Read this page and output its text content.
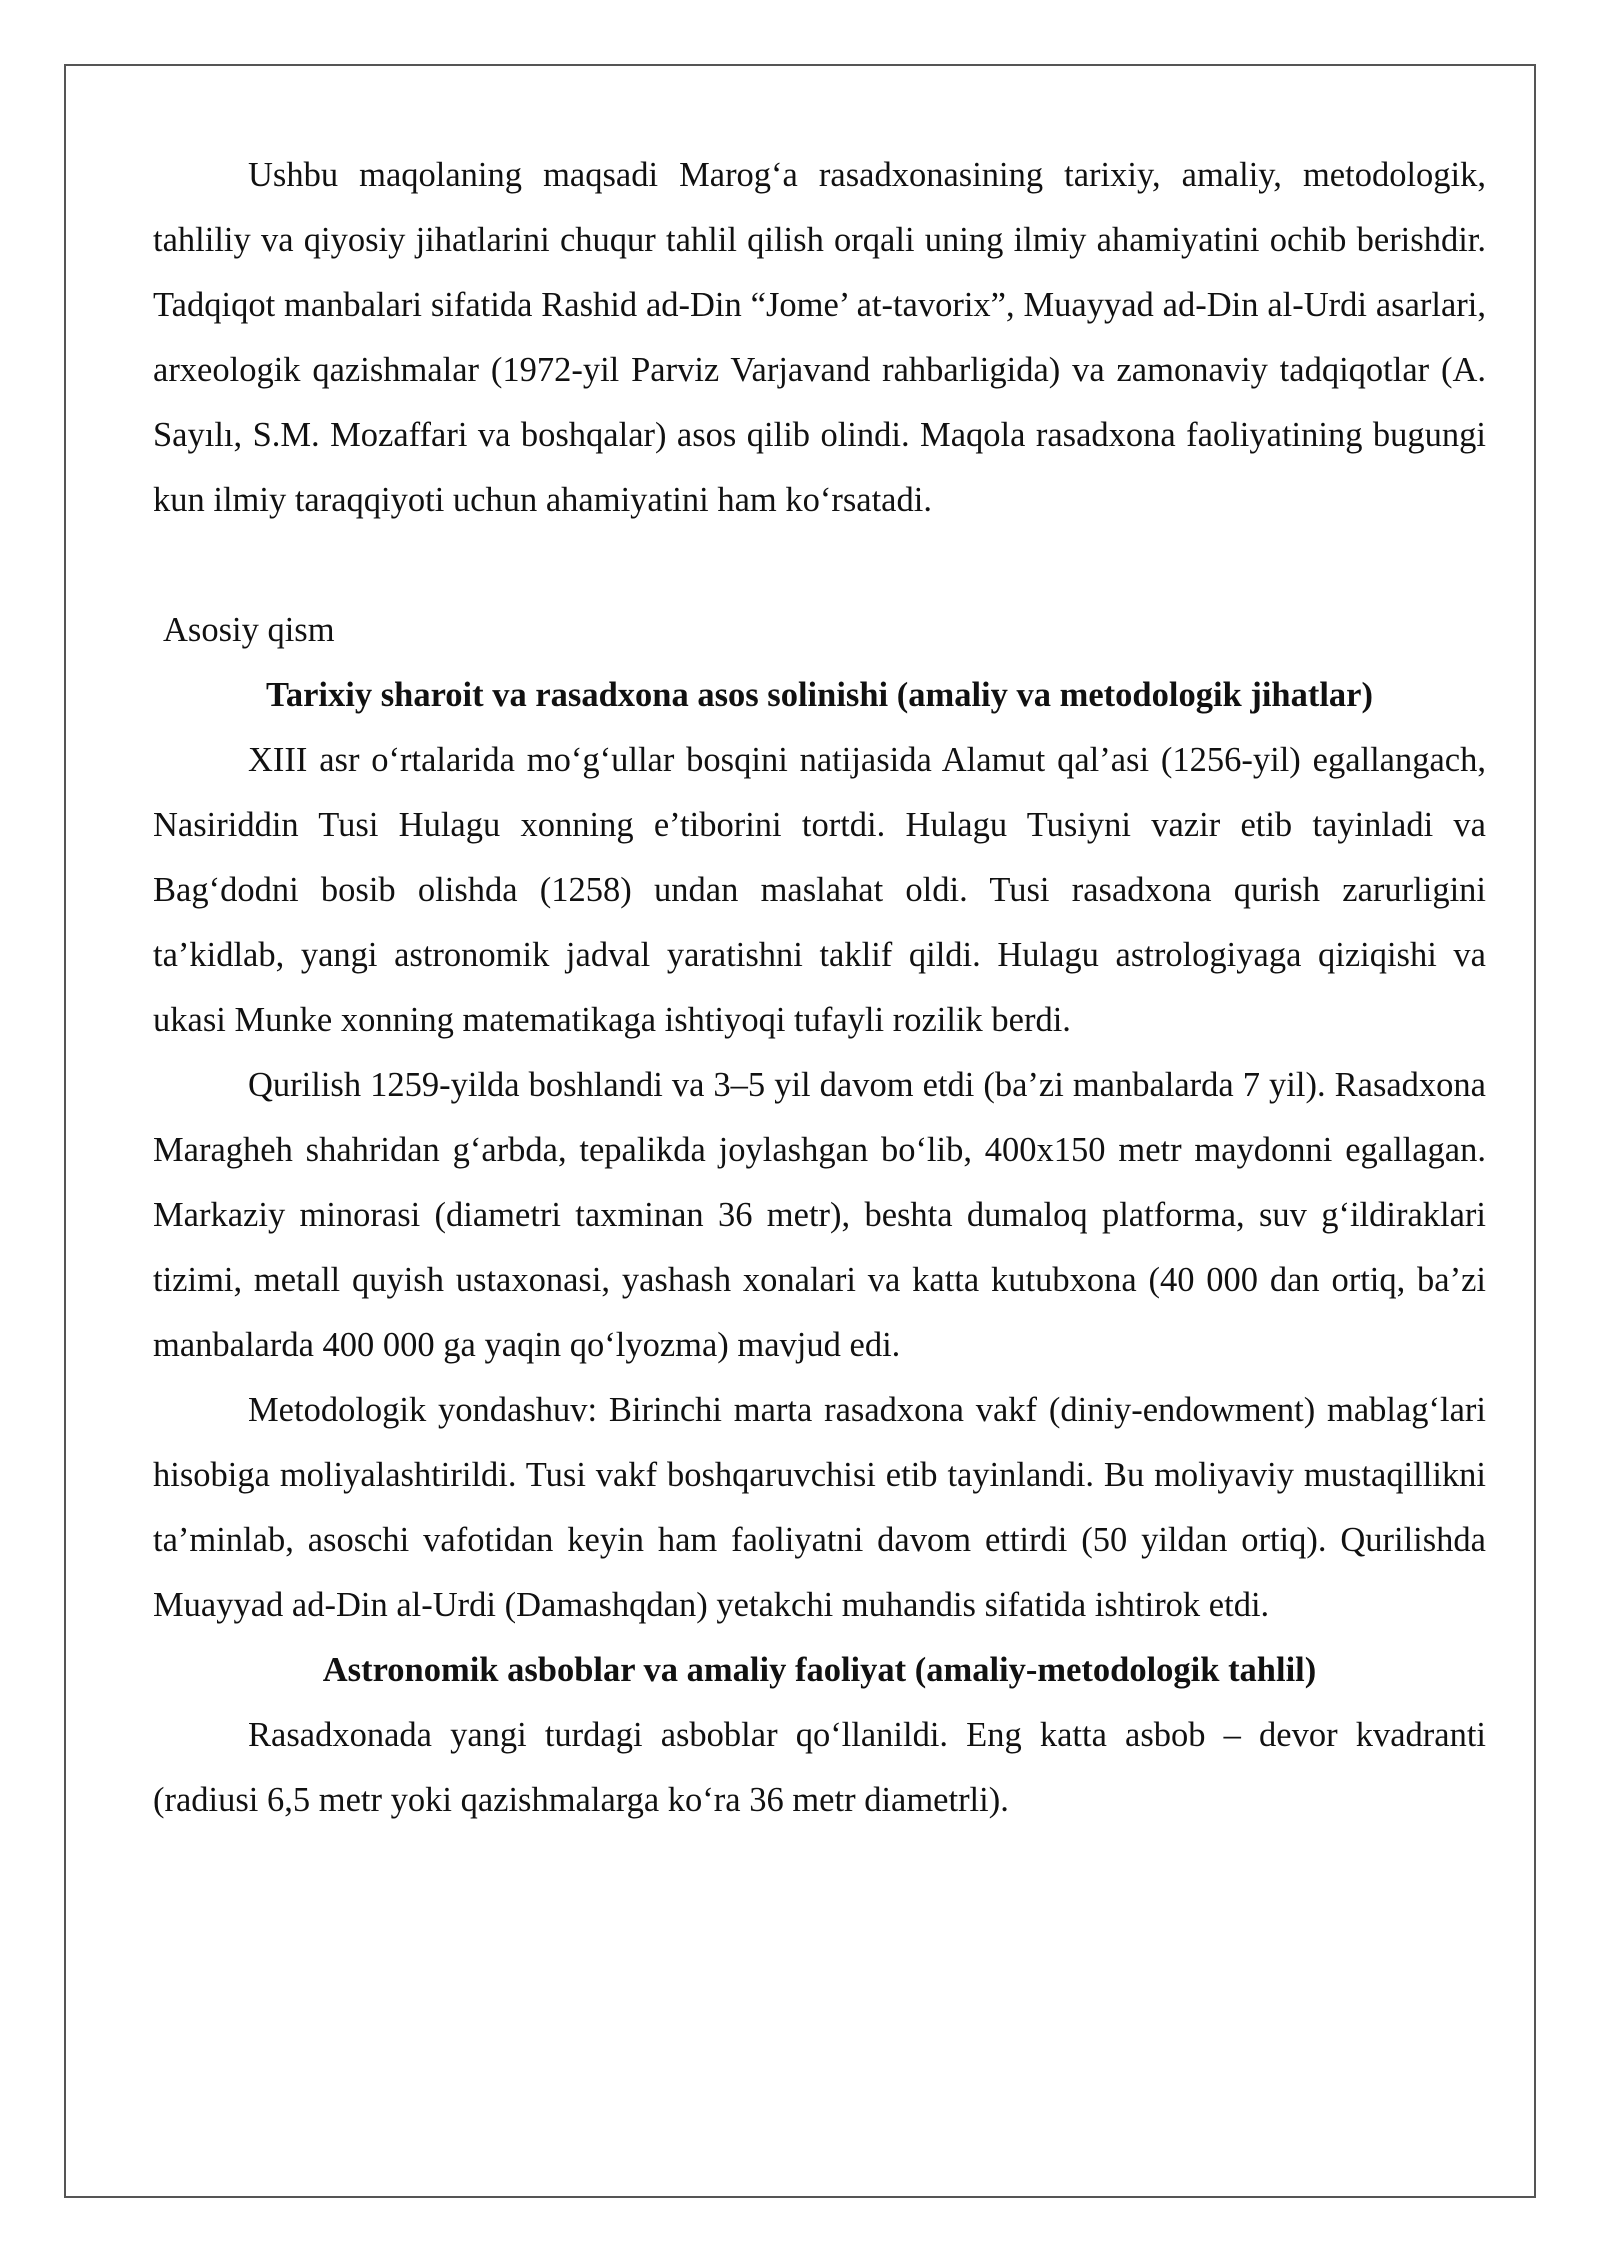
Ushbu maqolaning maqsadi Marog‘a rasadxonasining tarixiy, amaliy, metodologik, tahliliy va qiyosiy jihatlarini chuqur tahlil qilish orqali uning ilmiy ahamiyatini ochib berishdir. Tadqiqot manbalari sifatida Rashid ad-Din “Jome’ at-tavorix”, Muayyad ad-Din al-Urdi asarlari, arxeologik qazishmalar (1972-yil Parviz Varjavand rahbarligida) va zamonaviy tadqiqotlar (A. Sayılı, S.M. Mozaffari va boshqalar) asos qilib olindi. Maqola rasadxona faoliyatining bugungi kun ilmiy taraqqiyoti uchun ahamiyatini ham ko‘rsatadi.

Asosiy qism
Tarixiy sharoit va rasadxona asos solinishi (amaliy va metodologik jihatlar)

XIII asr o‘rtalarida mo‘g‘ullar bosqini natijasida Alamut qal’asi (1256-yil) egallangach, Nasiriddin Tusi Hulagu xonning e’tiborini tortdi. Hulagu Tusiyni vazir etib tayinladi va Bag‘dodni bosib olishda (1258) undan maslahat oldi. Tusi rasadxona qurish zarurligini ta’kidlab, yangi astronomik jadval yaratishni taklif qildi. Hulagu astrologiyaga qiziqishi va ukasi Munke xonning matematikaga ishtiyoqi tufayli rozilik berdi.

Qurilish 1259-yilda boshlandi va 3–5 yil davom etdi (ba’zi manbalarda 7 yil). Rasadxona Maragheh shahridan g‘arbda, tepalikda joylashgan bo‘lib, 400x150 metr maydonni egallagan. Markaziy minorasi (diametri taxminan 36 metr), beshta dumaloq platforma, suv g‘ildiraklari tizimi, metall quyish ustaxonasi, yashash xonalari va katta kutubxona (40 000 dan ortiq, ba’zi manbalarda 400 000 ga yaqin qo‘lyozma) mavjud edi.

Metodologik yondashuv: Birinchi marta rasadxona vakf (diniy-endowment) mablag‘lari hisobiga moliyalashtirildi. Tusi vakf boshqaruvchisi etib tayinlandi. Bu moliyaviy mustaqillikni ta’minlab, asoschi vafotidan keyin ham faoliyatni davom ettirdi (50 yildan ortiq). Qurilishda Muayyad ad-Din al-Urdi (Damashqdan) yetakchi muhandis sifatida ishtirok etdi.

Astronomik asboblar va amaliy faoliyat (amaliy-metodologik tahlil)

Rasadxonada yangi turdagi asboblar qo‘llanildi. Eng katta asbob – devor kvadranti (radiusi 6,5 metr yoki qazishmalarga ko‘ra 36 metr diametrli).
